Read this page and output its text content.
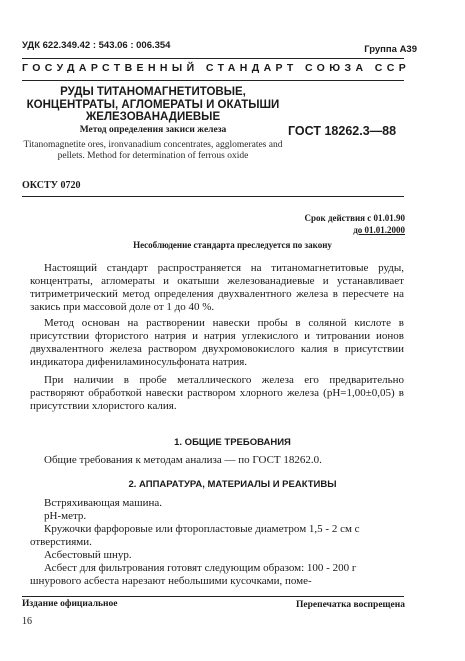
УДК 622.349.42 : 543.06 : 006.354	Группа А39
ГОСУДАРСТВЕННЫЙ СТАНДАРТ СОЮЗА ССР
РУДЫ ТИТАНОМАГНЕТИТОВЫЕ, КОНЦЕНТРАТЫ, АГЛОМЕРАТЫ И ОКАТЫШИ ЖЕЛЕЗОВАНАДИЕВЫЕ
Метод определения закиси железа
Titanomagnetite ores, ironvanadium concentrates, agglomerates and pellets. Method for determination of ferrous oxide
ГОСТ 18262.3—88
ОКСТУ 0720
Срок действия с 01.01.90
до 01.01.2000
Несоблюдение стандарта преследуется по закону

Настоящий стандарт распространяется на титаномагнетитовые руды, концентраты, агломераты и окатыши железованадиевые и устанавливает титриметрический метод определения двухвалентного железа в пересчете на закись при массовой доле от 1 до 40 %.

Метод основан на растворении навески пробы в соляной кислоте в присутствии фтористого натрия и натрия углекислого и титровании ионов двухвалентного железа раствором двухромовокислого калия в присутствии индикатора дифениламиносульфоната натрия.

При наличии в пробе металлического железа его предварительно растворяют обработкой навески раствором хлорного железа (рН=1,00±0,05) в присутствии хлористого калия.

1. ОБЩИЕ ТРЕБОВАНИЯ

Общие требования к методам анализа — по ГОСТ 18262.0.

2. АППАРАТУРА, МАТЕРИАЛЫ И РЕАКТИВЫ
Встряхивающая машина.
рН-метр.
Кружочки фарфоровые или фторопластовые диаметром 1,5 - 2 см с отверстиями.
Асбестовый шнур.
Асбест для фильтрования готовят следующим образом: 100 - 200 г шнурового асбеста нарезают небольшими кусочками, поме-
Издание официальное	Перепечатка воспрещена
16
